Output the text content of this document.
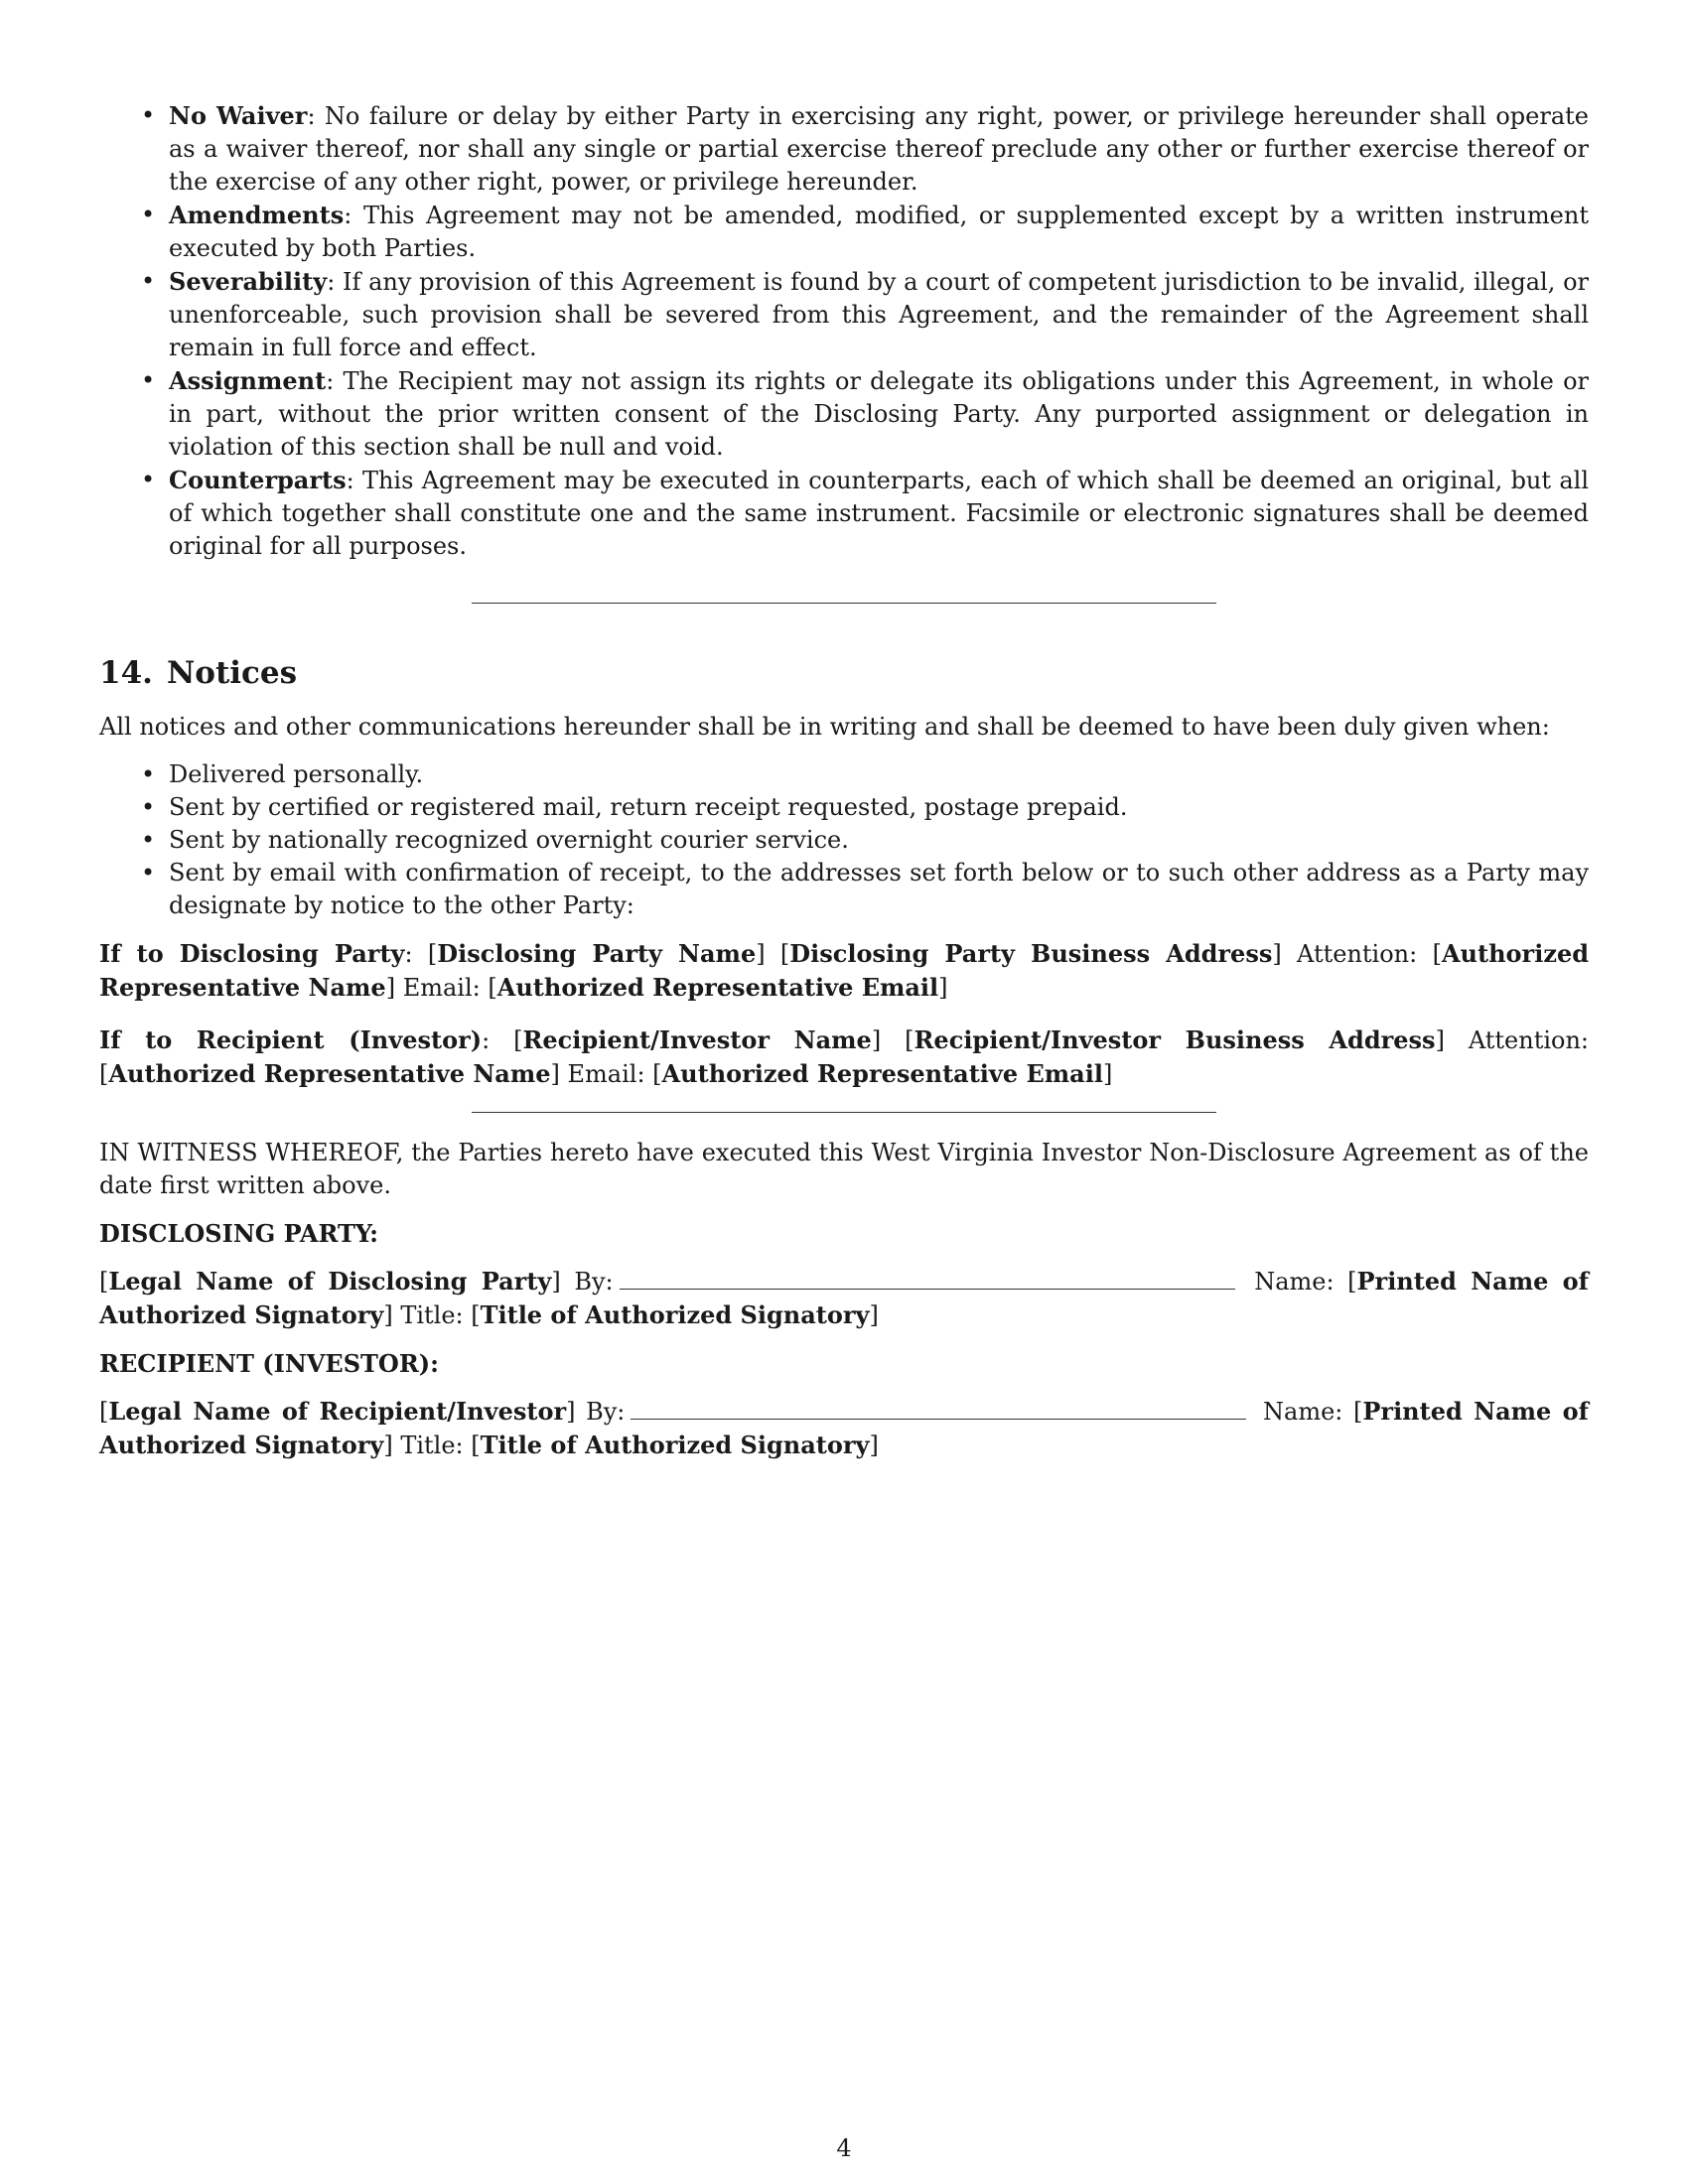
• No Waiver: No failure or delay by either Party in exercising any right, power, or privilege hereunder shall operate as a waiver thereof, nor shall any single or partial exercise thereof preclude any other or further exercise thereof or the exercise of any other right, power, or privilege hereunder.
• Amendments: This Agreement may not be amended, modified, or supplemented except by a written instrument executed by both Parties.
• Severability: If any provision of this Agreement is found by a court of competent jurisdiction to be invalid, illegal, or unenforceable, such provision shall be severed from this Agreement, and the remainder of the Agreement shall remain in full force and effect.
• Assignment: The Recipient may not assign its rights or delegate its obligations under this Agreement, in whole or in part, without the prior written consent of the Disclosing Party. Any purported assignment or delegation in violation of this section shall be null and void.
• Counterparts: This Agreement may be executed in counterparts, each of which shall be deemed an original, but all of which together shall constitute one and the same instrument. Facsimile or electronic signatures shall be deemed original for all purposes.
14. Notices

All notices and other communications hereunder shall be in writing and shall be deemed to have been duly given when:

• Delivered personally.
• Sent by certified or registered mail, return receipt requested, postage prepaid.
• Sent by nationally recognized overnight courier service.
• Sent by email with confirmation of receipt, to the addresses set forth below or to such other address as a Party may designate by notice to the other Party:

If to Disclosing Party: [Disclosing Party Name] [Disclosing Party Business Address] Attention: [Authorized Representative Name] Email: [Authorized Representative Email]

If to Recipient (Investor): [Recipient/Investor Name] [Recipient/Investor Business Address] Attention: [Authorized Representative Name] Email: [Authorized Representative Email]

IN WITNESS WHEREOF, the Parties hereto have executed this West Virginia Investor Non-Disclosure Agreement as of the date first written above.

DISCLOSING PARTY:

[Legal Name of Disclosing Party] By:	Name: [Printed Name of Authorized Signatory] Title: [Title of Authorized Signatory]

RECIPIENT (INVESTOR):

[Legal Name of Recipient/Investor] By:	Name: [Printed Name of Authorized Signatory] Title: [Title of Authorized Signatory]

4
